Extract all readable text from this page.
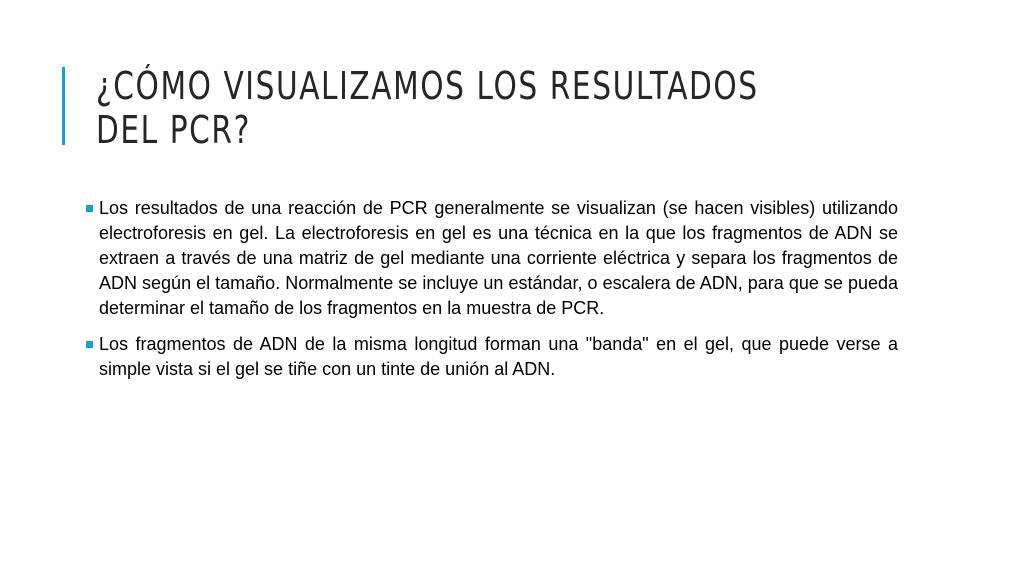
¿CÓMO VISUALIZAMOS LOS RESULTADOS DEL PCR?
Los resultados de una reacción de PCR generalmente se visualizan (se hacen visibles) utilizando electroforesis en gel. La electroforesis en gel es una técnica en la que los fragmentos de ADN se extraen a través de una matriz de gel mediante una corriente eléctrica y separa los fragmentos de ADN según el tamaño. Normalmente se incluye un estándar, o escalera de ADN, para que se pueda determinar el tamaño de los fragmentos en la muestra de PCR.
Los fragmentos de ADN de la misma longitud forman una "banda" en el gel, que puede verse a simple vista si el gel se tiñe con un tinte de unión al ADN.
